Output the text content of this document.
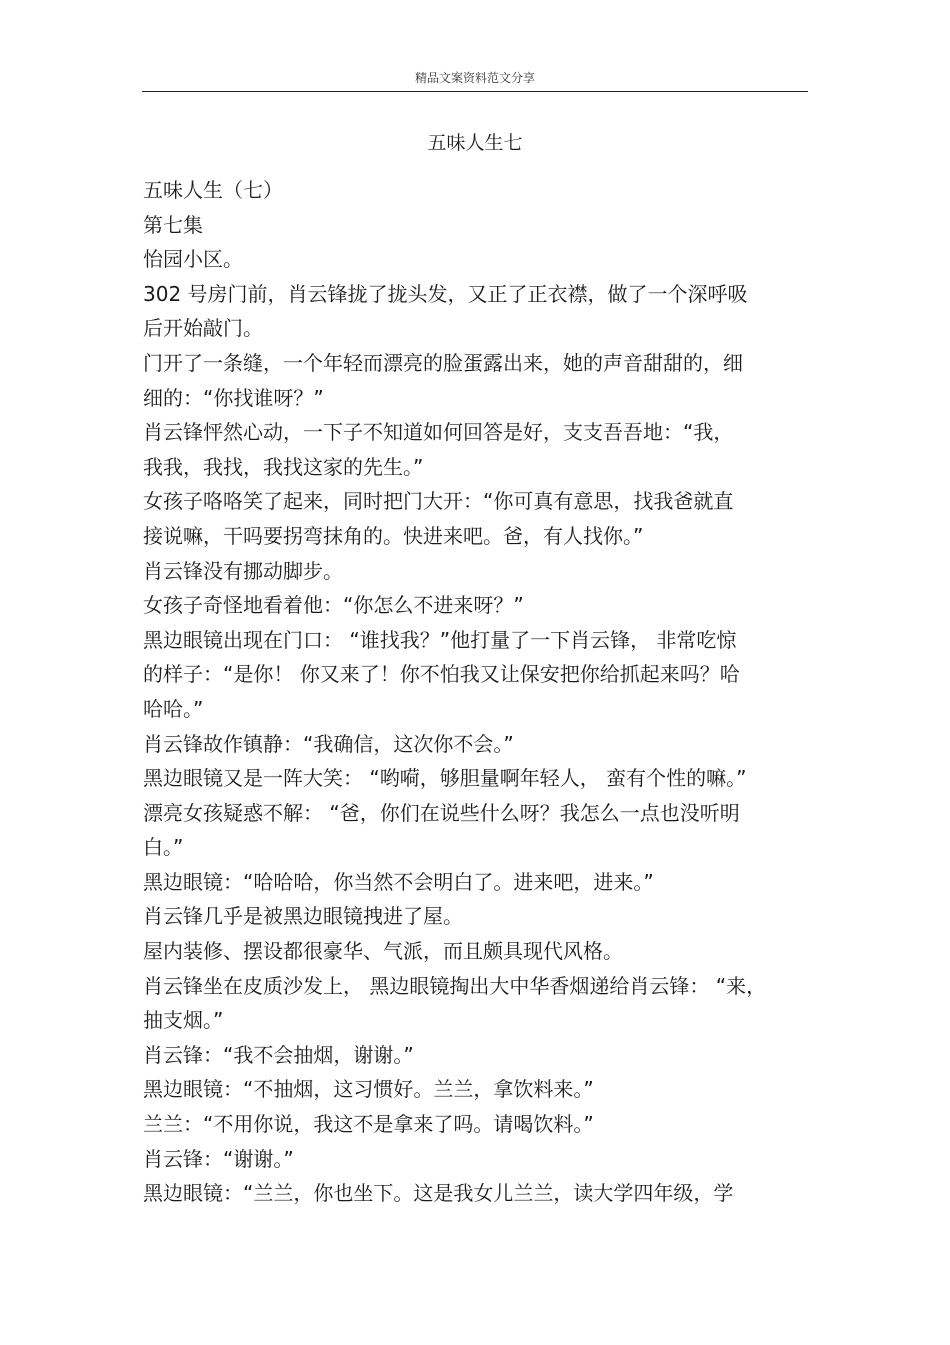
精品文案资料范文分享
五味人生七
五味人生（七）
第七集
怡园小区。
302 号房门前，肖云锋拢了拢头发，又正了正衣襟，做了一个深呼吸
后开始敲门。
门开了一条缝，一个年轻而漂亮的脸蛋露出来，她的声音甜甜的，细
细的：“你找谁呀？”
肖云锋怦然心动，一下子不知道如何回答是好，支支吾吾地：“我，
我我，我找，我找这家的先生。”
女孩子咯咯笑了起来，同时把门大开：“你可真有意思，找我爸就直
接说嘛，干吗要拐弯抹角的。快进来吧。爸，有人找你。”
肖云锋没有挪动脚步。
女孩子奇怪地看着他：“你怎么不进来呀？”
黑边眼镜出现在门口： “谁找我？”他打量了一下肖云锋， 非常吃惊
的样子：“是你！ 你又来了！你不怕我又让保安把你给抓起来吗？哈
哈哈。”
肖云锋故作镇静：“我确信，这次你不会。”
黑边眼镜又是一阵大笑： “哟嗬，够胆量啊年轻人， 蛮有个性的嘛。”
漂亮女孩疑惑不解： “爸，你们在说些什么呀？我怎么一点也没听明
白。”
黑边眼镜：“哈哈哈，你当然不会明白了。进来吧，进来。”
肖云锋几乎是被黑边眼镜拽进了屋。
屋内装修、摆设都很豪华、气派，而且颇具现代风格。
肖云锋坐在皮质沙发上， 黑边眼镜掏出大中华香烟递给肖云锋： “来，
抽支烟。”
肖云锋：“我不会抽烟，谢谢。”
黑边眼镜：“不抽烟，这习惯好。兰兰，拿饮料来。”
兰兰：“不用你说，我这不是拿来了吗。请喝饮料。”
肖云锋：“谢谢。”
黑边眼镜：“兰兰，你也坐下。这是我女儿兰兰，读大学四年级，学
